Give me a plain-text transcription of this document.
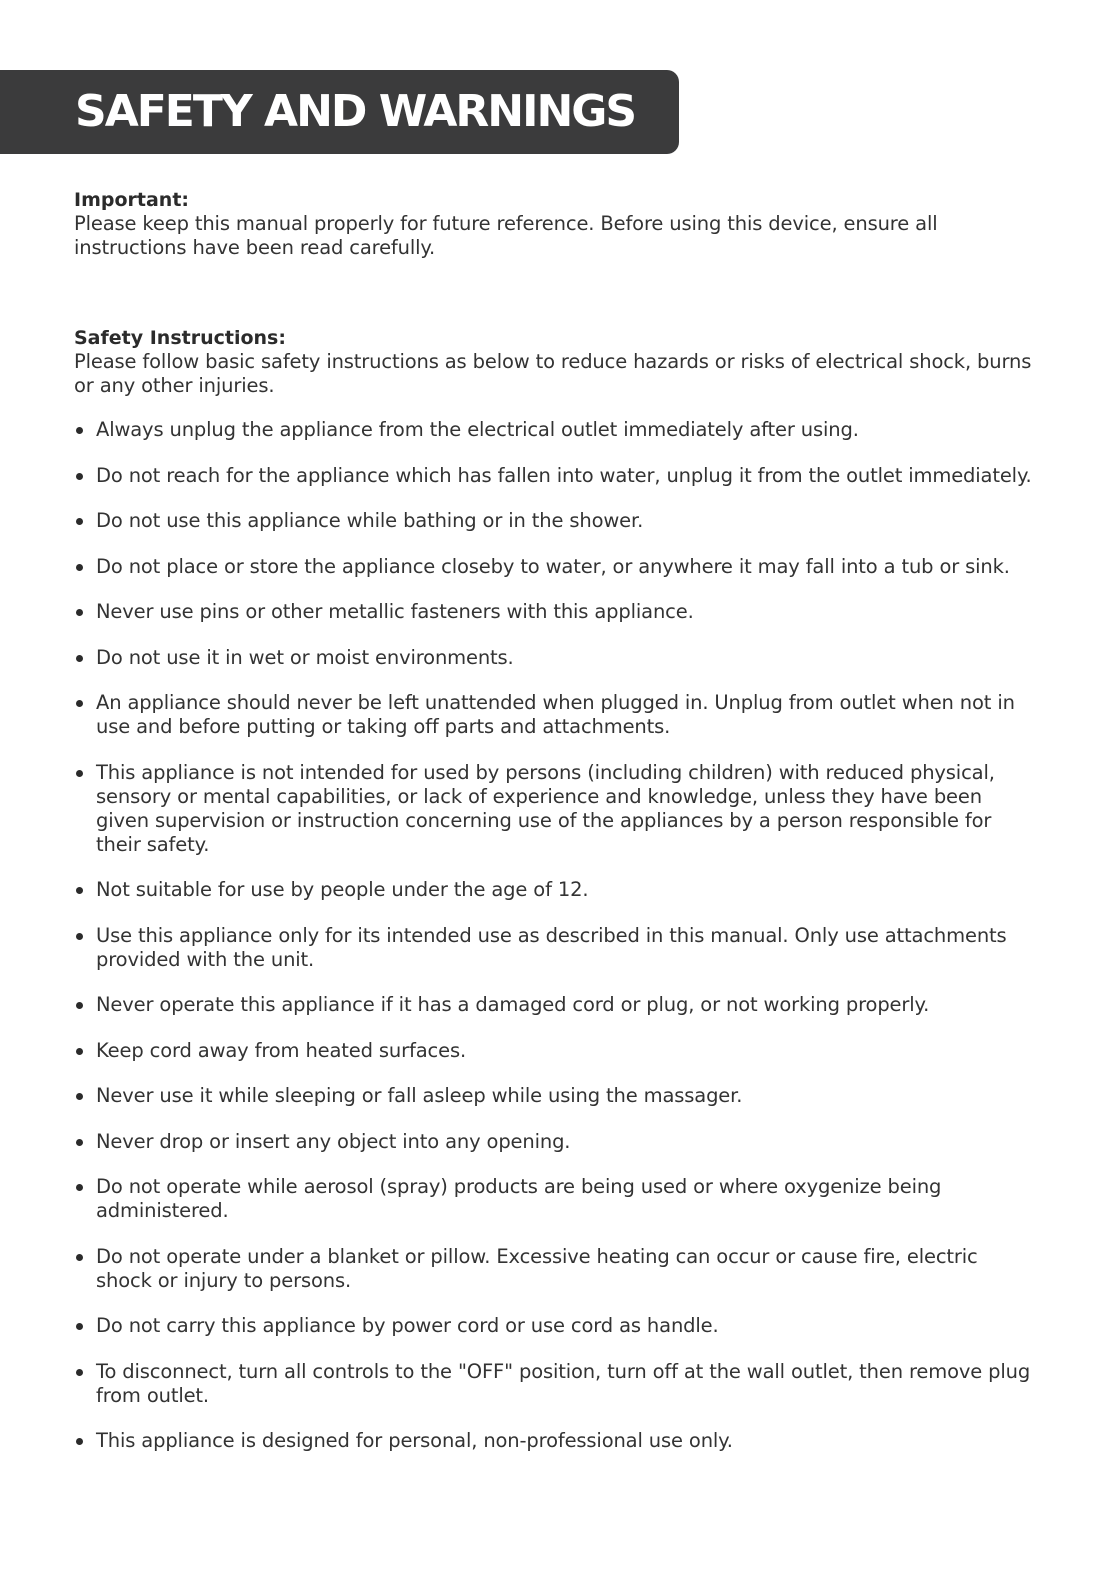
SAFETY AND WARNINGS

Important:

Please keep this manual properly for future reference. Before using this device, ensure all instructions have been read carefully.

Safety Instructions:

Please follow basic safety instructions as below to reduce hazards or risks of electrical shock, burns or any other injuries.

Always unplug the appliance from the electrical outlet immediately after using.
Do not reach for the appliance which has fallen into water, unplug it from the outlet immediately.
Do not use this appliance while bathing or in the shower.
Do not place or store the appliance closeby to water, or anywhere it may fall into a tub or sink.
Never use pins or other metallic fasteners with this appliance.
Do not use it in wet or moist environments.
An appliance should never be left unattended when plugged in. Unplug from outlet when not in use and before putting or taking off parts and attachments.
This appliance is not intended for used by persons (including children) with reduced physical, sensory or mental capabilities, or lack of experience and knowledge, unless they have been given supervision or instruction concerning use of the appliances by a person responsible for their safety.
Not suitable for use by people under the age of 12.
Use this appliance only for its intended use as described in this manual. Only use attachments provided with the unit.
Never operate this appliance if it has a damaged cord or plug, or not working properly.
Keep cord away from heated surfaces.
Never use it while sleeping or fall asleep while using the massager.
Never drop or insert any object into any opening.
Do not operate while aerosol (spray) products are being used or where oxygenize being administered.
Do not operate under a blanket or pillow. Excessive heating can occur or cause fire, electric shock or injury to persons.
Do not carry this appliance by power cord or use cord as handle.
To disconnect, turn all controls to the "OFF" position, turn off at the wall outlet, then remove plug from outlet.
This appliance is designed for personal, non-professional use only.
